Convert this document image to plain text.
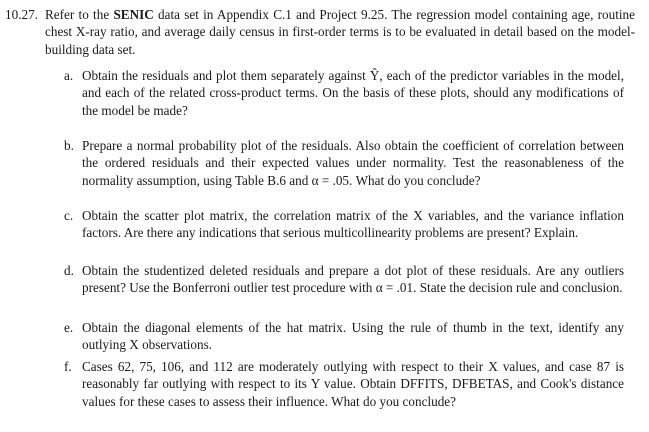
10.27. Refer to the SENIC data set in Appendix C.1 and Project 9.25. The regression model containing age, routine chest X-ray ratio, and average daily census in first-order terms is to be evaluated in detail based on the model-building data set.
a. Obtain the residuals and plot them separately against Ŷ, each of the predictor variables in the model, and each of the related cross-product terms. On the basis of these plots, should any modifications of the model be made?
b. Prepare a normal probability plot of the residuals. Also obtain the coefficient of correlation between the ordered residuals and their expected values under normality. Test the reasonableness of the normality assumption, using Table B.6 and α = .05. What do you conclude?
c. Obtain the scatter plot matrix, the correlation matrix of the X variables, and the variance inflation factors. Are there any indications that serious multicollinearity problems are present? Explain.
d. Obtain the studentized deleted residuals and prepare a dot plot of these residuals. Are any outliers present? Use the Bonferroni outlier test procedure with α = .01. State the decision rule and conclusion.
e. Obtain the diagonal elements of the hat matrix. Using the rule of thumb in the text, identify any outlying X observations.
f. Cases 62, 75, 106, and 112 are moderately outlying with respect to their X values, and case 87 is reasonably far outlying with respect to its Y value. Obtain DFFITS, DFBETAS, and Cook's distance values for these cases to assess their influence. What do you conclude?
